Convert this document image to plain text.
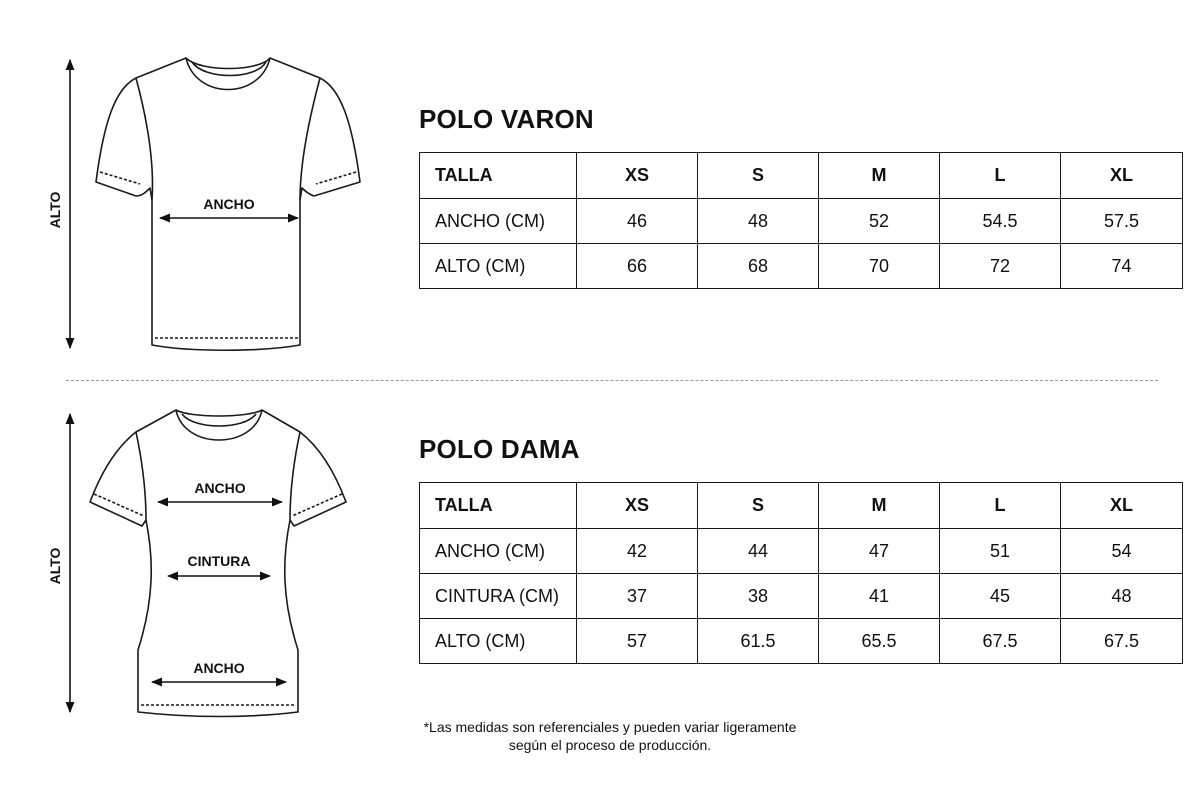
ALTO	ANCHO
ALTO
ANCHO
CINTURA
ANCHO
POLO VARON
TALLA	XS	S	M	L	XL
ANCHO (CM)	46	48	52	54.5	57.5
ALTO (CM)	66	68	70	72	74
POLO DAMA
TALLA	XS	S	M	L	XL
ANCHO (CM)	42	44	47	51	54
CINTURA (CM)	37	38	41	45	48
ALTO (CM)	57	61.5	65.5	67.5	67.5

*Las medidas son referenciales y pueden variar ligeramente
según el proceso de producción.
